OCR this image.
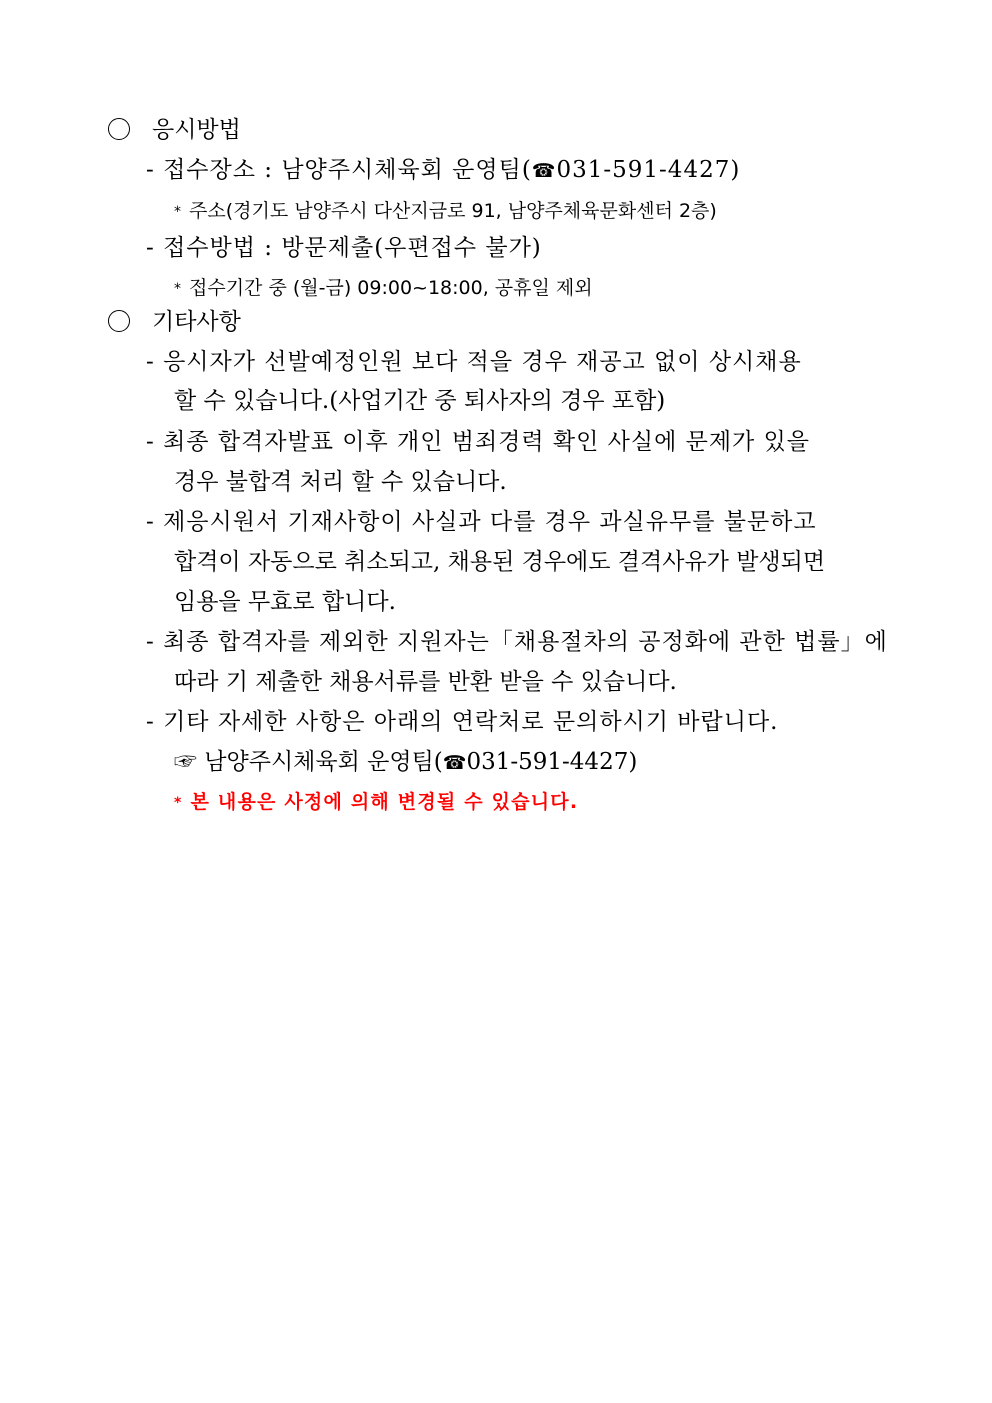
응시방법
- 접수장소 : 남양주시체육회 운영팀(☎031-591-4427)
* 주소(경기도 남양주시 다산지금로 91, 남양주체육문화센터 2층)
- 접수방법 : 방문제출(우편접수 불가)
* 접수기간 중 (월-금) 09:00~18:00, 공휴일 제외
기타사항
- 응시자가 선발예정인원 보다 적을 경우 재공고 없이 상시채용
할 수 있습니다.(사업기간 중 퇴사자의 경우 포함)
- 최종 합격자발표 이후 개인 범죄경력 확인 사실에 문제가 있을
경우 불합격 처리 할 수 있습니다.
- 제응시원서 기재사항이 사실과 다를 경우 과실유무를 불문하고
합격이 자동으로 취소되고, 채용된 경우에도 결격사유가 발생되면
임용을 무효로 합니다.
- 최종 합격자를 제외한 지원자는「채용절차의 공정화에 관한 법률」에
따라 기 제출한 채용서류를 반환 받을 수 있습니다.
- 기타 자세한 사항은 아래의 연락처로 문의하시기 바랍니다.
☞ 남양주시체육회 운영팀(☎031-591-4427)
* 본 내용은 사정에 의해 변경될 수 있습니다.
